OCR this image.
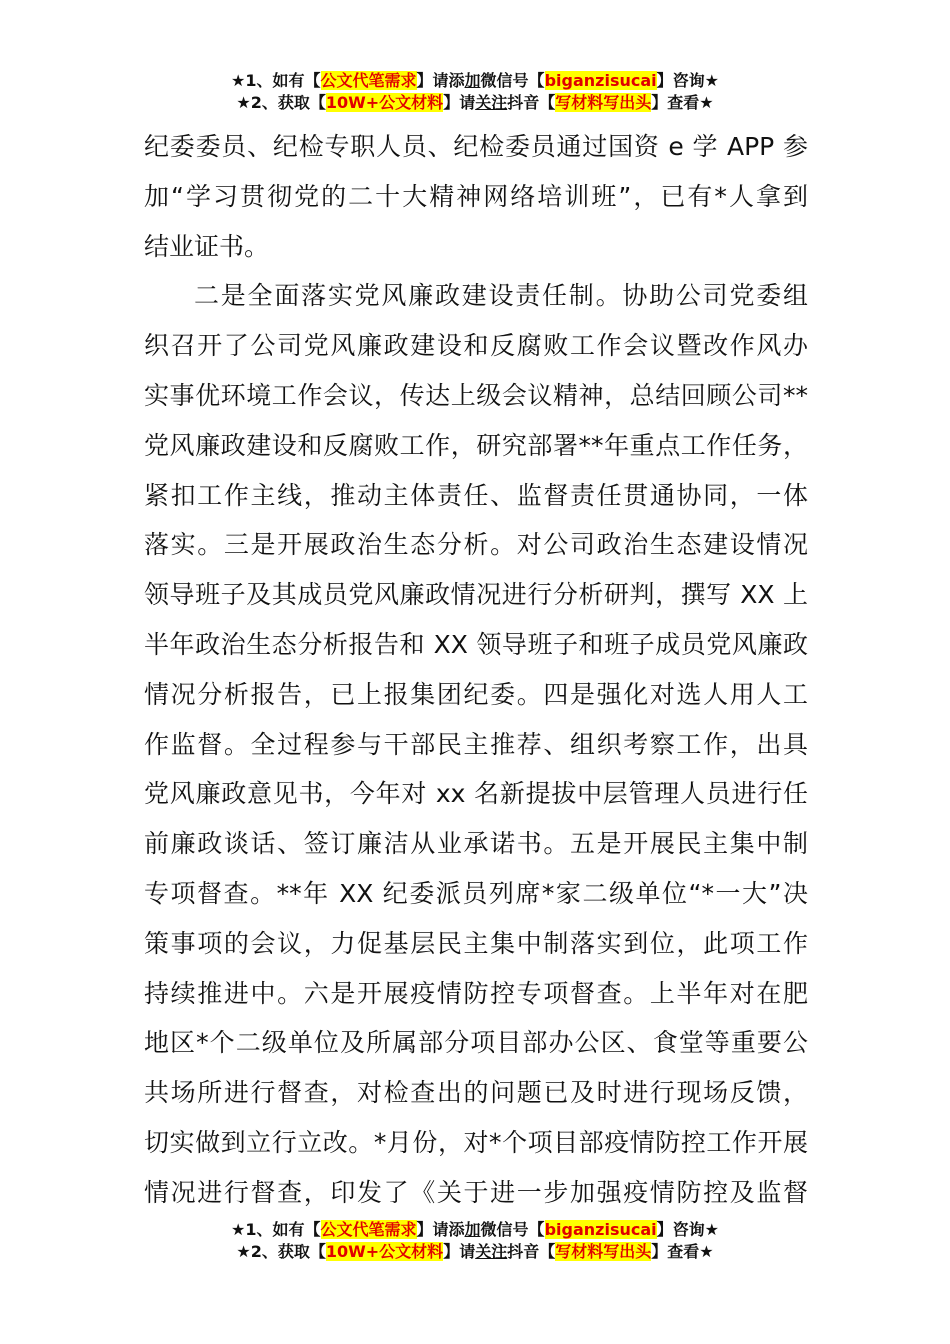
★1、如有【公文代笔需求】请添加微信号【biganzisucai】咨询★
★2、获取【10W+公文材料】请关注抖音【写材料写出头】查看★
纪委委员、纪检专职人员、纪检委员通过国资 e 学 APP 参
加“学习贯彻党的二十大精神网络培训班”，已有*人拿到
结业证书。
二是全面落实党风廉政建设责任制。协助公司党委组
织召开了公司党风廉政建设和反腐败工作会议暨改作风办
实事优环境工作会议，传达上级会议精神，总结回顾公司**
党风廉政建设和反腐败工作，研究部署**年重点工作任务，
紧扣工作主线，推动主体责任、监督责任贯通协同，一体
落实。三是开展政治生态分析。对公司政治生态建设情况
领导班子及其成员党风廉政情况进行分析研判，撰写 XX 上
半年政治生态分析报告和 XX 领导班子和班子成员党风廉政
情况分析报告，已上报集团纪委。四是强化对选人用人工
作监督。全过程参与干部民主推荐、组织考察工作，出具
党风廉政意见书，今年对 xx 名新提拔中层管理人员进行任
前廉政谈话、签订廉洁从业承诺书。五是开展民主集中制
专项督查。**年 XX 纪委派员列席*家二级单位“*一大”决
策事项的会议，力促基层民主集中制落实到位，此项工作
持续推进中。六是开展疫情防控专项督查。上半年对在肥
地区*个二级单位及所属部分项目部办公区、食堂等重要公
共场所进行督查，对检查出的问题已及时进行现场反馈，
切实做到立行立改。*月份，对*个项目部疫情防控工作开展
情况进行督查，印发了《关于进一步加强疫情防控及监督
★1、如有【公文代笔需求】请添加微信号【biganzisucai】咨询★
★2、获取【10W+公文材料】请关注抖音【写材料写出头】查看★
